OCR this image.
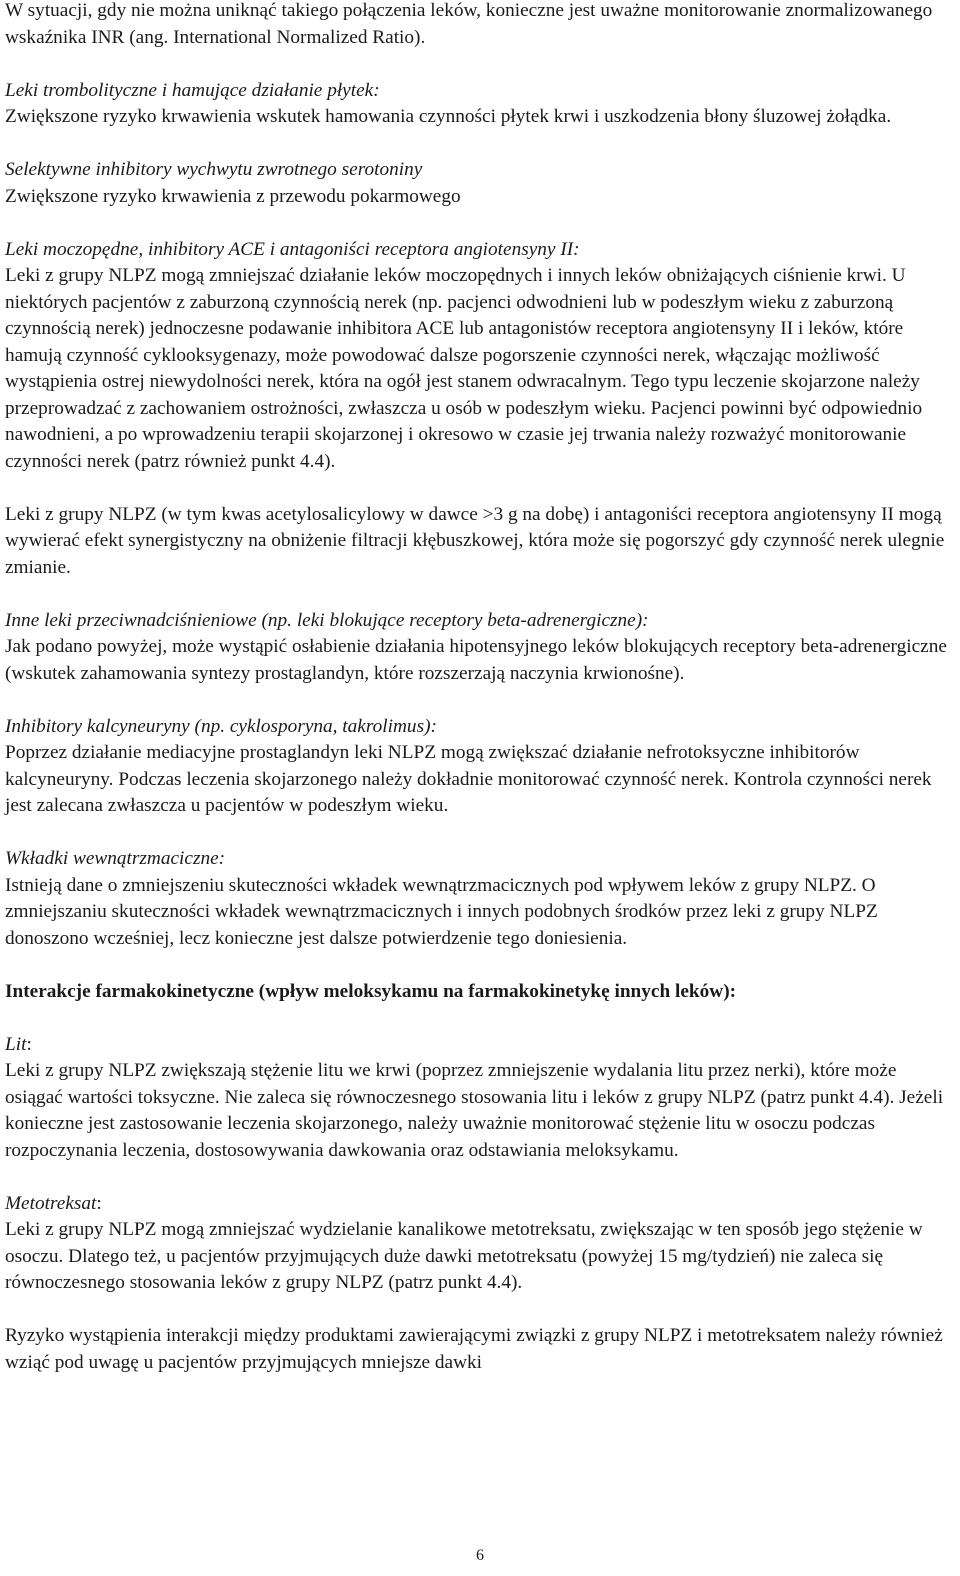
W sytuacji, gdy nie można uniknąć takiego połączenia leków, konieczne jest uważne monitorowanie znormalizowanego wskaźnika INR (ang. International Normalized Ratio).

Leki trombolityczne i hamujące działanie płytek:
Zwiększone ryzyko krwawienia wskutek hamowania czynności płytek krwi i uszkodzenia błony śluzowej żołądka.

Selektywne inhibitory wychwytu zwrotnego serotoniny
Zwiększone ryzyko krwawienia z przewodu pokarmowego

Leki moczopędne, inhibitory ACE i antagoniści receptora angiotensyny II:
Leki z grupy NLPZ mogą zmniejszać działanie leków moczopędnych i innych leków obniżających ciśnienie krwi. U niektórych pacjentów z zaburzoną czynnością nerek (np. pacjenci odwodnieni lub w podeszłym wieku z zaburzoną czynnością nerek) jednoczesne podawanie inhibitora ACE lub antagonistów receptora angiotensyny II i leków, które hamują czynność cyklooksygenazy, może powodować dalsze pogorszenie czynności nerek, włączając możliwość wystąpienia ostrej niewydolności nerek, która na ogół jest stanem odwracalnym. Tego typu leczenie skojarzone należy przeprowadzać z zachowaniem ostrożności, zwłaszcza u osób w podeszłym wieku. Pacjenci powinni być odpowiednio nawodnieni, a po wprowadzeniu terapii skojarzonej i okresowo w czasie jej trwania należy rozważyć monitorowanie czynności nerek (patrz również punkt 4.4).

Leki z grupy NLPZ (w tym kwas acetylosalicylowy w dawce >3 g na dobę) i antagoniści receptora angiotensyny II mogą wywierać efekt synergistyczny na obniżenie filtracji kłębuszkowej, która może się pogorszyć gdy czynność nerek ulegnie zmianie.

Inne leki przeciwnadciśnieniowe (np. leki blokujące receptory beta-adrenergiczne):
Jak podano powyżej, może wystąpić osłabienie działania hipotensyjnego leków blokujących receptory beta-adrenergiczne (wskutek zahamowania syntezy prostaglandyn, które rozszerzają naczynia krwionośne).

Inhibitory kalcyneuryny (np. cyklosporyna, takrolimus):
Poprzez działanie mediacyjne prostaglandyn leki NLPZ mogą zwiększać działanie nefrotoksyczne inhibitorów kalcyneuryny. Podczas leczenia skojarzonego należy dokładnie monitorować czynność nerek. Kontrola czynności nerek jest zalecana zwłaszcza u pacjentów w podeszłym wieku.

Wkładki wewnątrzmaciczne:
Istnieją dane o zmniejszeniu skuteczności wkładek wewnątrzmacicznych pod wpływem leków z grupy NLPZ. O zmniejszaniu skuteczności wkładek wewnątrzmacicznych i innych podobnych środków przez leki z grupy NLPZ donoszono wcześniej, lecz konieczne jest dalsze potwierdzenie tego doniesienia.

Interakcje farmakokinetyczne (wpływ meloksykamu na farmakokinetykę innych leków):

Lit:
Leki z grupy NLPZ zwiększają stężenie litu we krwi (poprzez zmniejszenie wydalania litu przez nerki), które może osiągać wartości toksyczne. Nie zaleca się równoczesnego stosowania litu i leków z grupy NLPZ (patrz punkt 4.4). Jeżeli konieczne jest zastosowanie leczenia skojarzonego, należy uważnie monitorować stężenie litu w osoczu podczas rozpoczynania leczenia, dostosowywania dawkowania oraz odstawiania meloksykamu.

Metotreksat:
Leki z grupy NLPZ mogą zmniejszać wydzielanie kanalikowe metotreksatu, zwiększając w ten sposób jego stężenie w osoczu. Dlatego też, u pacjentów przyjmujących duże dawki metotreksatu (powyżej 15 mg/tydzień) nie zaleca się równoczesnego stosowania leków z grupy NLPZ (patrz punkt 4.4).

Ryzyko wystąpienia interakcji między produktami zawierającymi związki z grupy NLPZ i metotreksatem należy również wziąć pod uwagę u pacjentów przyjmujących mniejsze dawki

6
